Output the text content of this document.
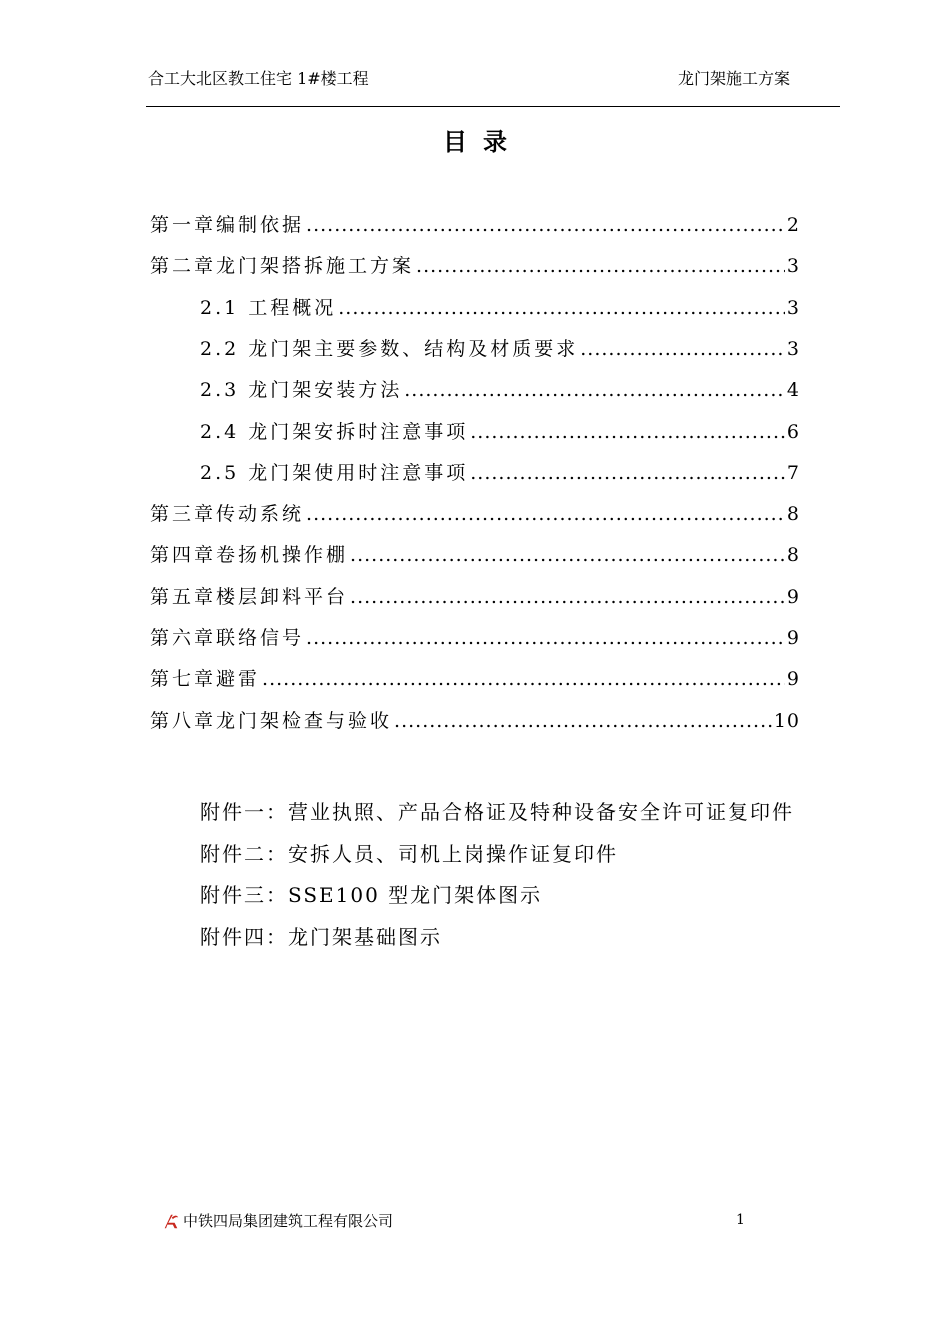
合工大北区教工住宅 1#楼工程	龙门架施工方案
目录
第一章 编制依据 .....	2
第二章 龙门架搭拆施工方案 .....	3
2.1 工程概况 .....	3
2.2 龙门架主要参数、结构及材质要求 .....	3
2.3 龙门架安装方法 .....	4
2.4 龙门架安拆时注意事项 .....	6
2.5 龙门架使用时注意事项 .....	7
第三章 传动系统 .....	8
第四章 卷扬机操作棚 .....	8
第五章 楼层卸料平台 .....	9
第六章 联络信号 .....	9
第七章 避雷 .....	9
第八章 龙门架检查与验收 .....	10
附件一：营业执照、产品合格证及特种设备安全许可证复印件
附件二：安拆人员、司机上岗操作证复印件
附件三：SSE100 型龙门架体图示
附件四：龙门架基础图示
中铁四局集团建筑工程有限公司	1
